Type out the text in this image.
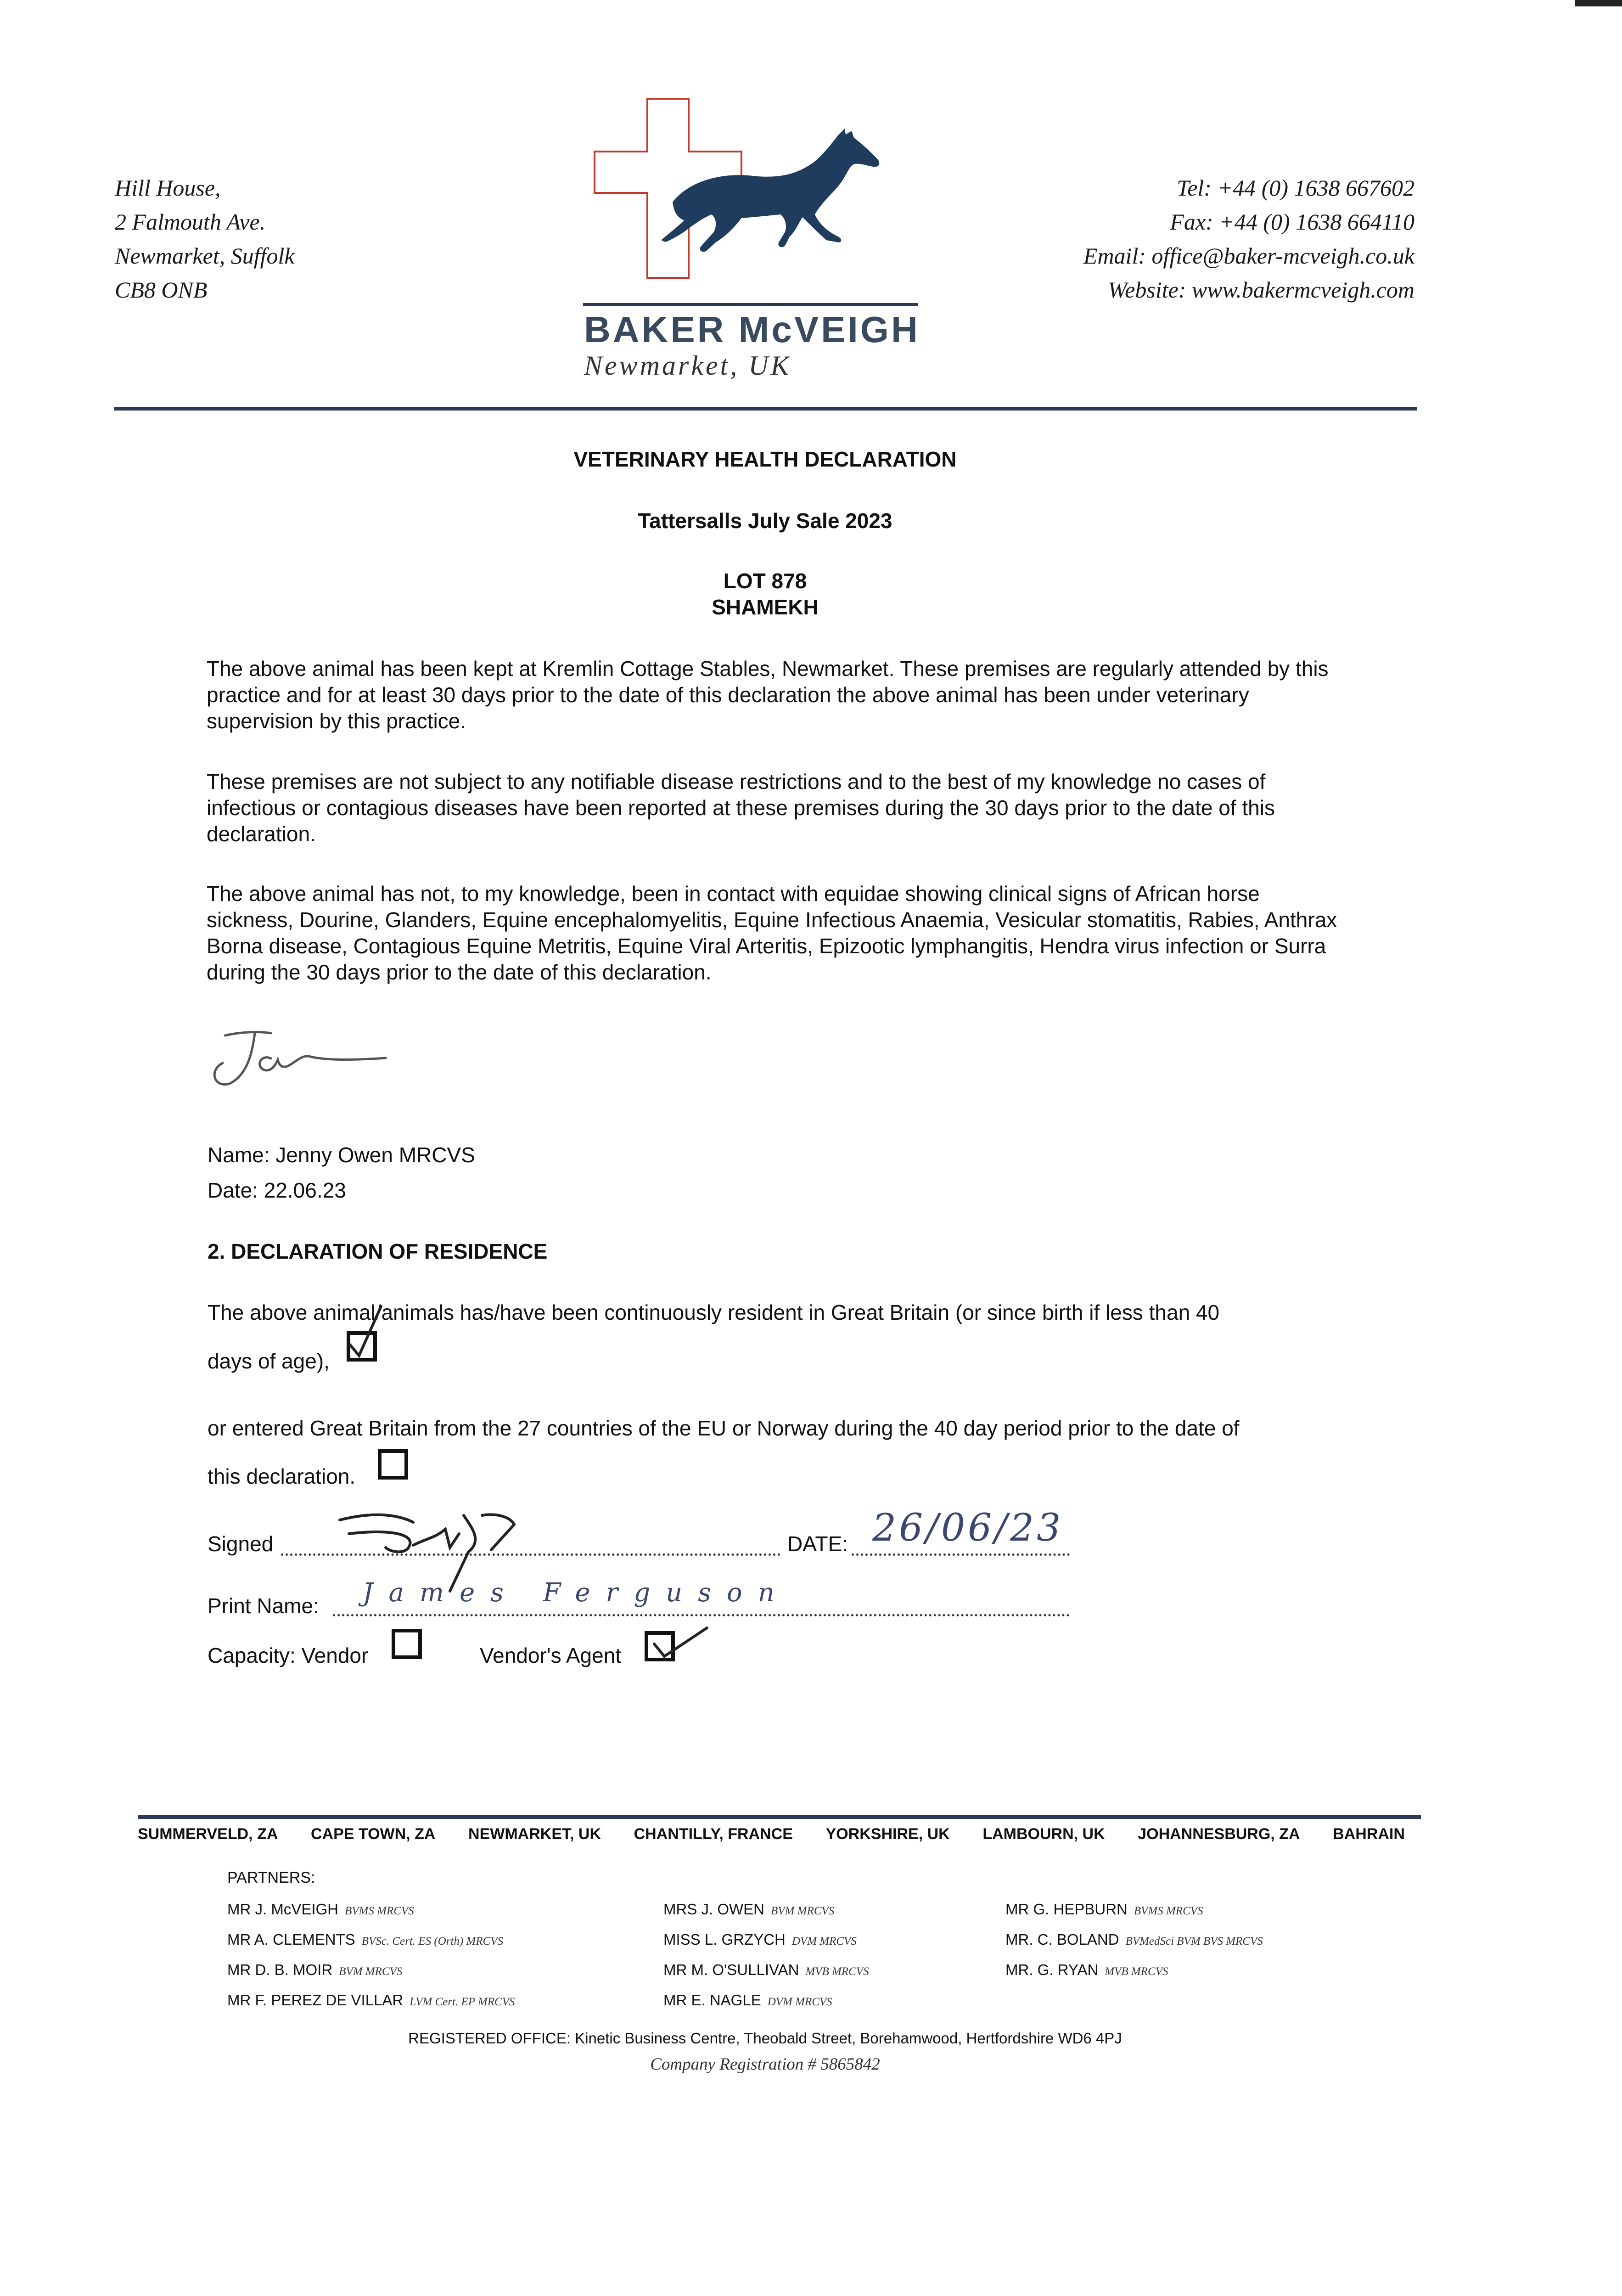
Hill House,
2 Falmouth Ave.
Newmarket, Suffolk
CB8 ONB
BAKER McVEIGH
Newmarket, UK
Tel: +44 (0) 1638 667602
Fax: +44 (0) 1638 664110
Email: office@baker-mcveigh.co.uk
Website: www.bakermcveigh.com
VETERINARY HEALTH DECLARATION
Tattersalls July Sale 2023
LOT 878
SHAMEKH
The above animal has been kept at Kremlin Cottage Stables, Newmarket. These premises are regularly attended by this practice and for at least 30 days prior to the date of this declaration the above animal has been under veterinary supervision by this practice.
These premises are not subject to any notifiable disease restrictions and to the best of my knowledge no cases of infectious or contagious diseases have been reported at these premises during the 30 days prior to the date of this declaration.
The above animal has not, to my knowledge, been in contact with equidae showing clinical signs of African horse sickness, Dourine, Glanders, Equine encephalomyelitis, Equine Infectious Anaemia, Vesicular stomatitis, Rabies, Anthrax Borna disease, Contagious Equine Metritis, Equine Viral Arteritis, Epizootic lymphangitis, Hendra virus infection or Surra during the 30 days prior to the date of this declaration.
Name: Jenny Owen MRCVS
Date: 22.06.23
2. DECLARATION OF RESIDENCE
The above animal/animals has/have been continuously resident in Great Britain (or since birth if less than 40
days of age),
or entered Great Britain from the 27 countries of the EU or Norway during the 40 day period prior to the date of
this declaration.
Signed	DATE: 26/06/23
Print Name: James Ferguson
Capacity: Vendor	Vendor's Agent
SUMMERVELD, ZA CAPE TOWN, ZA NEWMARKET, UK CHANTILLY, FRANCE YORKSHIRE, UK LAMBOURN, UK JOHANNESBURG, ZA BAHRAIN
PARTNERS:
MR J. McVEIGH BVMS MRCVS
MR A. CLEMENTS BVSc. Cert. ES (Orth) MRCVS
MR D. B. MOIR BVM MRCVS
MR F. PEREZ DE VILLAR LVM Cert. EP MRCVS
MRS J. OWEN BVM MRCVS
MISS L. GRZYCH DVM MRCVS
MR M. O'SULLIVAN MVB MRCVS
MR E. NAGLE DVM MRCVS
MR G. HEPBURN BVMS MRCVS
MR. C. BOLAND BVMedSci BVM BVS MRCVS
MR. G. RYAN MVB MRCVS
REGISTERED OFFICE: Kinetic Business Centre, Theobald Street, Borehamwood, Hertfordshire WD6 4PJ
Company Registration # 5865842
